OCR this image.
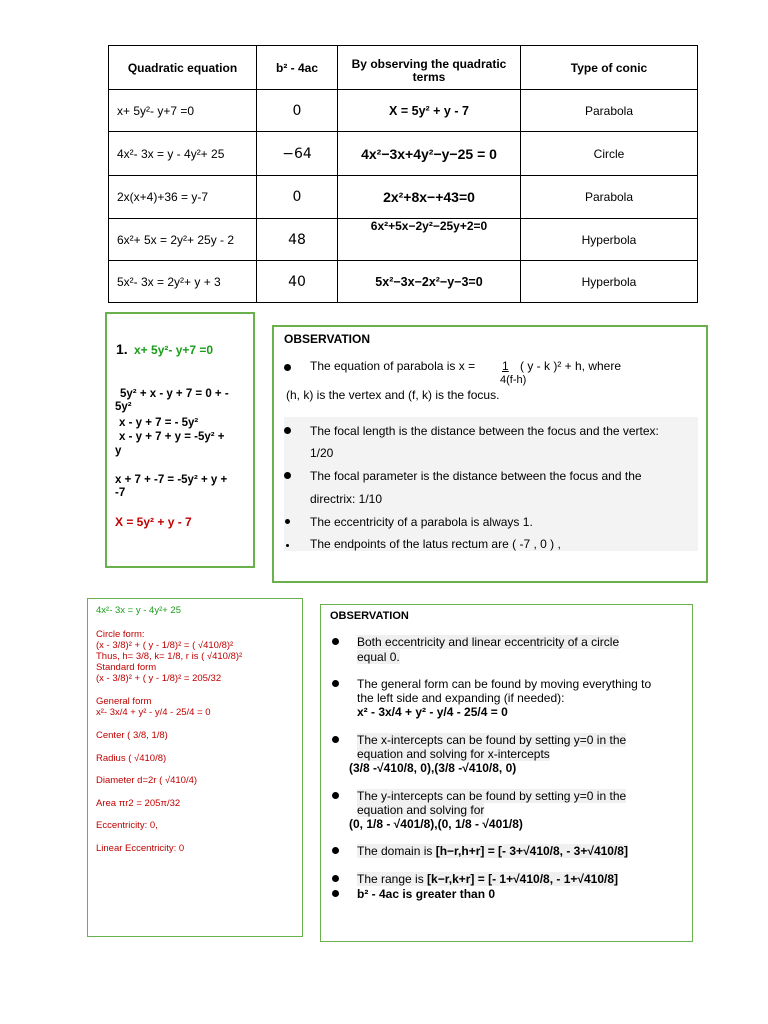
Quadratic equation	b² - 4ac	By observing the quadratic terms	Type of conic
x+ 5y²- y+7 =0	0	X = 5y² + y - 7	Parabola
4x²- 3x = y - 4y²+ 25	−64	4x²−3x+4y²−y−25 = 0	Circle
2x(x+4)+36 = y-7	0	2x²+8x−+43=0	Parabola
6x²+ 5x = 2y²+ 25y - 2	48	6x²+5x−2y²−25y+2=0	Hyperbola
5x²- 3x = 2y²+ y + 3	40	5x²−3x−2x²−y−3=0	Hyperbola
1. x+ 5y²- y+7 =0
5y² + x - y + 7 = 0 + -
5y²
x - y + 7 = - 5y²
x - y + 7 + y = -5y² +
y
x + 7 + -7 = -5y² + y +
-7
X = 5y² + y - 7
OBSERVATION
The equation of parabola is x =	1 ( y - k )² + h, where
4(f-h)
(h, k) is the vertex and (f, k) is the focus.
The focal length is the distance between the focus and the vertex:
1/20
The focal parameter is the distance between the focus and the
directrix: 1/10
The eccentricity of a parabola is always 1.
The endpoints of the latus rectum are ( -7 , 0 ) ,
4x²- 3x = y - 4y²+ 25
Circle form:
(x - 3/8)² + ( y - 1/8)² = ( √410/8)²
Thus, h= 3/8, k= 1/8, r is ( √410/8)²
Standard form
(x - 3/8)² + ( y - 1/8)² = 205/32
General form
x²- 3x/4 + y² - y/4 - 25/4 = 0
Center ( 3/8, 1/8)
Radius ( √410/8)
Diameter d=2r ( √410/4)
Area πr2 = 205π/32
Eccentricity: 0,
Linear Eccentricity: 0
OBSERVATION
Both eccentricity and linear eccentricity of a circle
equal 0.
The general form can be found by moving everything to
the left side and expanding (if needed):
x² - 3x/4 + y² - y/4 - 25/4 = 0
The x-intercepts can be found by setting y=0 in the
equation and solving for x-intercepts
(3/8 -√410/8, 0),(3/8 -√410/8, 0)
The y-intercepts can be found by setting y=0 in the
equation and solving for
(0, 1/8 - √401/8),(0, 1/8 - √401/8)
The domain is [h−r,h+r] = [- 3+√410/8, - 3+√410/8]
The range is [k−r,k+r] = [- 1+√410/8, - 1+√410/8]
b² - 4ac is greater than 0
